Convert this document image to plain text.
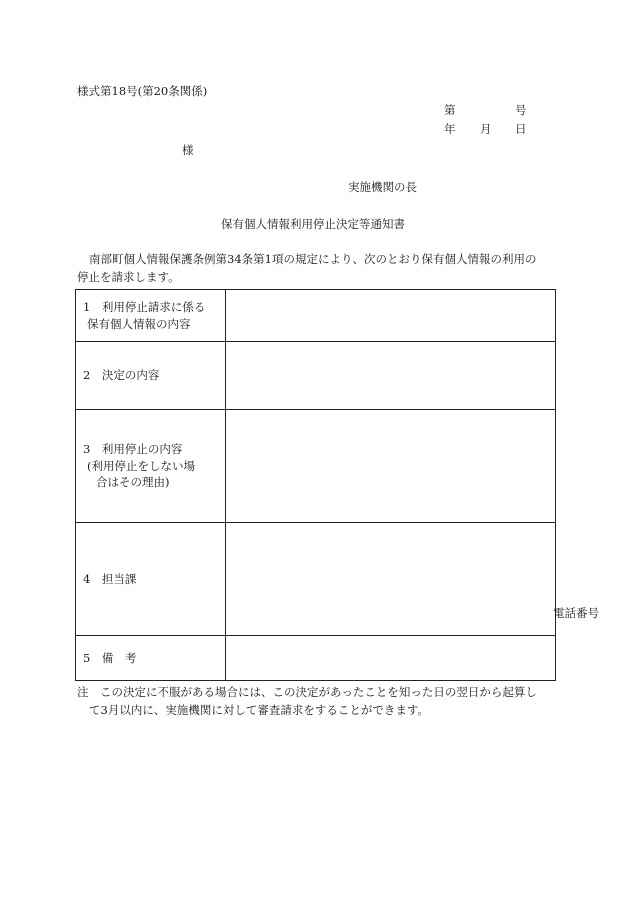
様式第18号(第20条関係)
第	号
年 月 日
様
実施機関の長
保有個人情報利用停止決定等通知書
南部町個人情報保護条例第34条第1項の規定により、次のとおり保有個人情報の利用の
停止を請求します。
1　利用停止請求に係る
保有個人情報の内容	

2　決定の内容	

3　利用停止の内容
(利用停止をしない場
合はその理由)	

4　担当課	電話番号

5　備　考	
注　この決定に不服がある場合には、この決定があったことを知った日の翌日から起算し
て3月以内に、実施機関に対して審査請求をすることができます。
